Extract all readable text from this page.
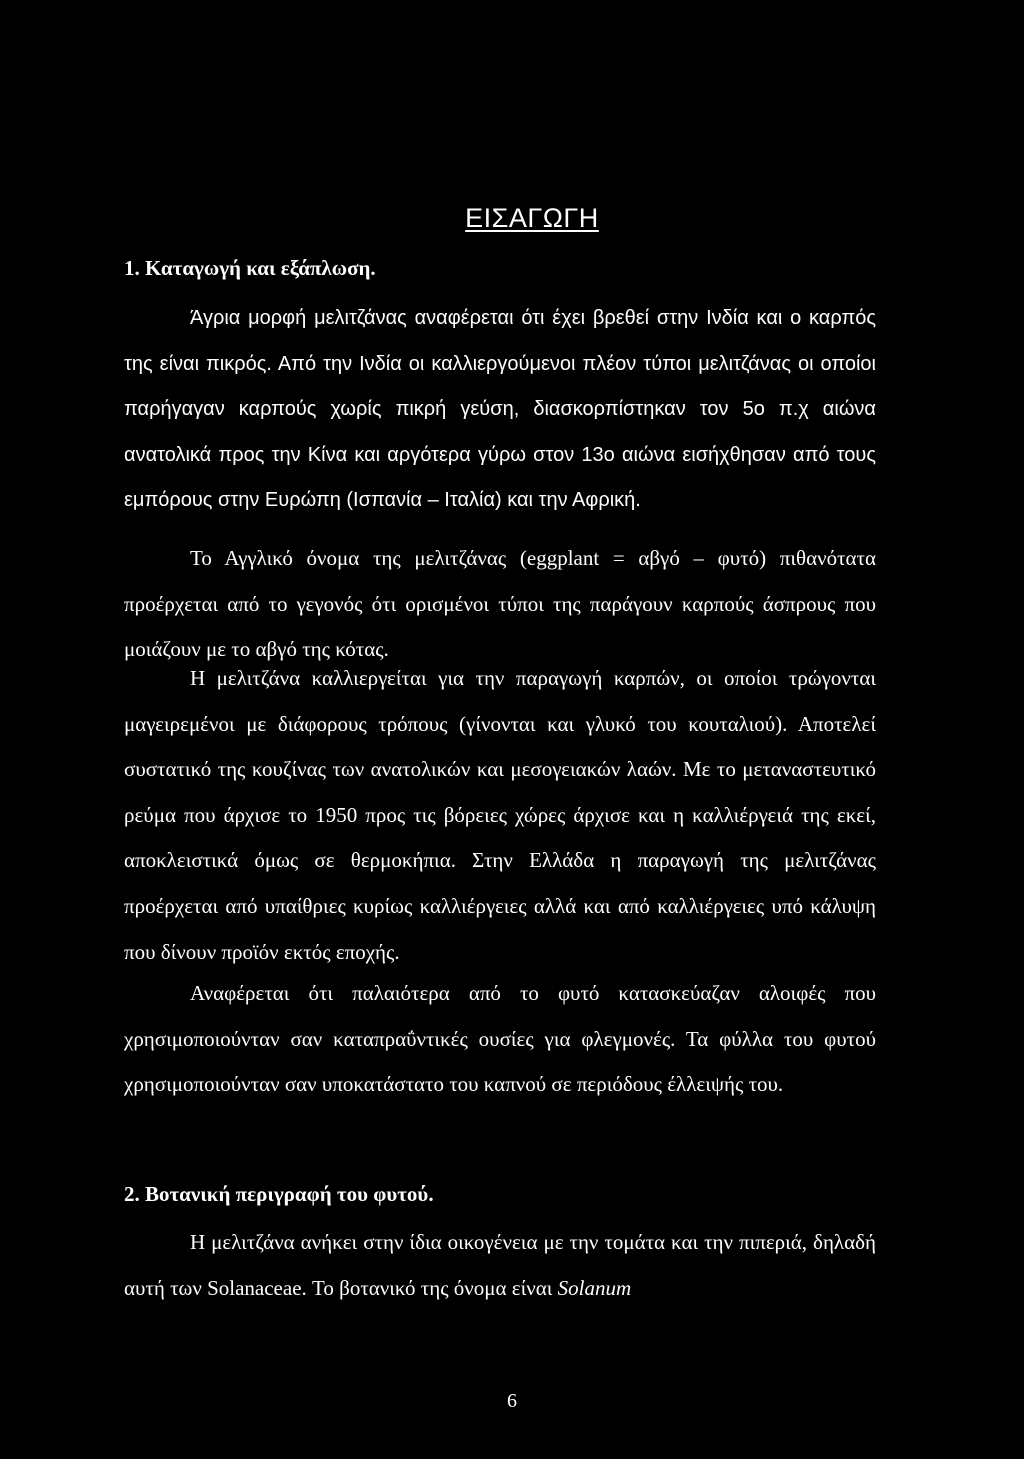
ΕΙΣΑΓΩΓΗ
1. Καταγωγή και εξάπλωση.

Άγρια μορφή μελιτζάνας αναφέρεται ότι έχει βρεθεί στην Ινδία και ο καρπός της είναι πικρός. Από την Ινδία οι καλλιεργούμενοι πλέον τύποι μελιτζάνας οι οποίοι παρήγαγαν καρπούς χωρίς πικρή γεύση, διασκορπίστηκαν τον 5ο π.χ αιώνα ανατολικά προς την Κίνα και αργότερα γύρω στον 13ο αιώνα εισήχθησαν από τους εμπόρους στην Ευρώπη (Ισπανία – Ιταλία) και την Αφρική.

Το Αγγλικό όνομα της μελιτζάνας (eggplant = αβγό – φυτό) πιθανότατα προέρχεται από το γεγονός ότι ορισμένοι τύποι της παράγουν καρπούς άσπρους που μοιάζουν με το αβγό της κότας.

Η μελιτζάνα καλλιεργείται για την παραγωγή καρπών, οι οποίοι τρώγονται μαγειρεμένοι με διάφορους τρόπους (γίνονται και γλυκό του κουταλιού). Αποτελεί συστατικό της κουζίνας των ανατολικών και μεσογειακών λαών. Με το μεταναστευτικό ρεύμα που άρχισε το 1950 προς τις βόρειες χώρες άρχισε και η καλλιέργειά της εκεί, αποκλειστικά όμως σε θερμοκήπια. Στην Ελλάδα η παραγωγή της μελιτζάνας προέρχεται από υπαίθριες κυρίως καλλιέργειες αλλά και από καλλιέργειες υπό κάλυψη που δίνουν προϊόν εκτός εποχής.

Αναφέρεται ότι παλαιότερα από το φυτό κατασκεύαζαν αλοιφές που χρησιμοποιούνταν σαν καταπραΰντικές ουσίες για φλεγμονές. Τα φύλλα του φυτού χρησιμοποιούνταν σαν υποκατάστατο του καπνού σε περιόδους έλλειψής του.

2. Βοτανική περιγραφή του φυτού.

Η μελιτζάνα ανήκει στην ίδια οικογένεια με την τομάτα και την πιπεριά, δηλαδή αυτή των Solanaceae. Το βοτανικό της όνομα είναι Solanum

6
